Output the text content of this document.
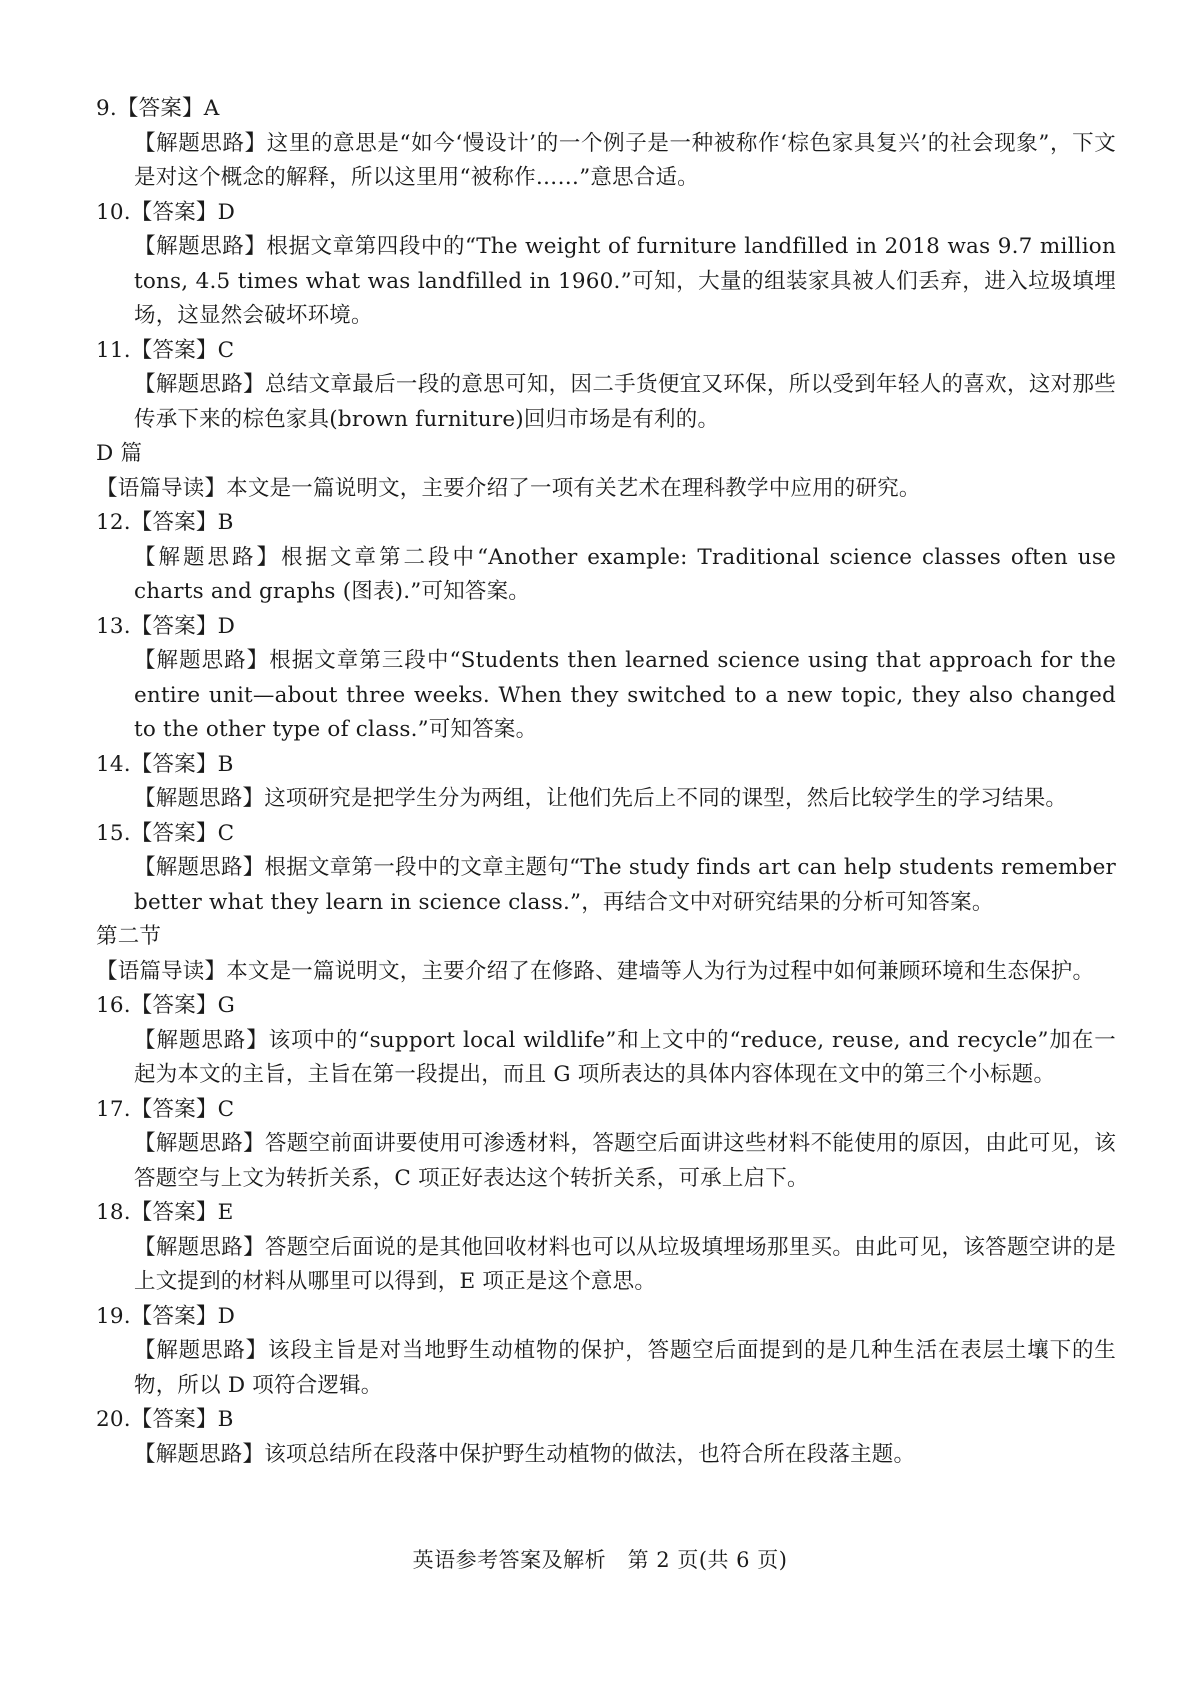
9.【答案】A

【解题思路】这里的意思是“如今‘慢设计’的一个例子是一种被称作‘棕色家具复兴’的社会现象”，下文是对这个概念的解释，所以这里用“被称作……”意思合适。

10.【答案】D

【解题思路】根据文章第四段中的“The weight of furniture landfilled in 2018 was 9.7 million tons, 4.5 times what was landfilled in 1960.”可知，大量的组装家具被人们丢弃，进入垃圾填埋场，这显然会破坏环境。

11.【答案】C

【解题思路】总结文章最后一段的意思可知，因二手货便宜又环保，所以受到年轻人的喜欢，这对那些传承下来的棕色家具(brown furniture)回归市场是有利的。

D 篇

【语篇导读】本文是一篇说明文，主要介绍了一项有关艺术在理科教学中应用的研究。

12.【答案】B

【解题思路】根据文章第二段中“Another example: Traditional science classes often use charts and graphs (图表).”可知答案。

13.【答案】D

【解题思路】根据文章第三段中“Students then learned science using that approach for the entire unit—about three weeks. When they switched to a new topic, they also changed to the other type of class.”可知答案。

14.【答案】B

【解题思路】这项研究是把学生分为两组，让他们先后上不同的课型，然后比较学生的学习结果。

15.【答案】C

【解题思路】根据文章第一段中的文章主题句“The study finds art can help students remember better what they learn in science class.”，再结合文中对研究结果的分析可知答案。

第二节

【语篇导读】本文是一篇说明文，主要介绍了在修路、建墙等人为行为过程中如何兼顾环境和生态保护。

16.【答案】G

【解题思路】该项中的“support local wildlife”和上文中的“reduce, reuse, and recycle”加在一起为本文的主旨，主旨在第一段提出，而且 G 项所表达的具体内容体现在文中的第三个小标题。

17.【答案】C

【解题思路】答题空前面讲要使用可渗透材料，答题空后面讲这些材料不能使用的原因，由此可见，该答题空与上文为转折关系，C 项正好表达这个转折关系，可承上启下。

18.【答案】E

【解题思路】答题空后面说的是其他回收材料也可以从垃圾填埋场那里买。由此可见，该答题空讲的是上文提到的材料从哪里可以得到，E 项正是这个意思。

19.【答案】D

【解题思路】该段主旨是对当地野生动植物的保护，答题空后面提到的是几种生活在表层土壤下的生物，所以 D 项符合逻辑。

20.【答案】B

【解题思路】该项总结所在段落中保护野生动植物的做法，也符合所在段落主题。

英语参考答案及解析   第 2 页(共 6 页)
